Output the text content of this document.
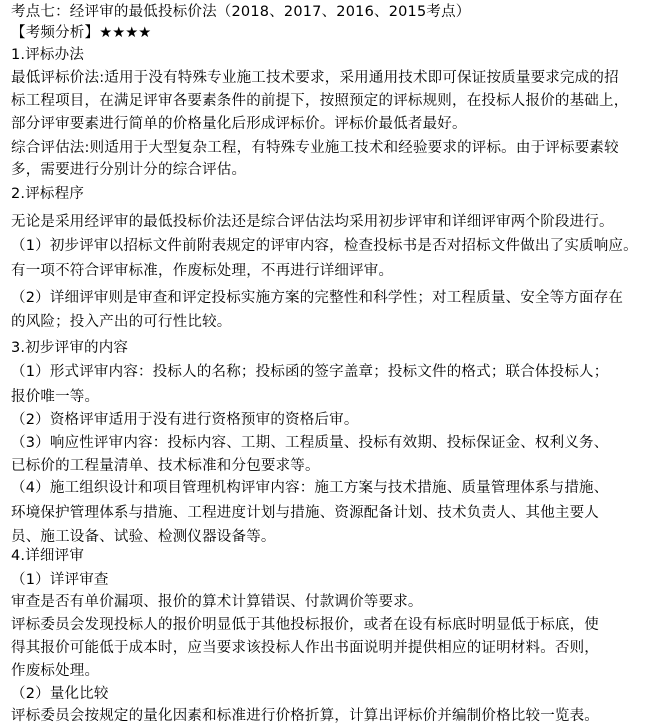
考点七：经评审的最低投标价法（2018、2017、2016、2015考点）
【考频分析】★★★★
1.评标办法
最低评标价法:适用于没有特殊专业施工技术要求，采用通用技术即可保证按质量要求完成的招
标工程项目，在满足评审各要素条件的前提下，按照预定的评标规则，在投标人报价的基础上，
部分评审要素进行简单的价格量化后形成评标价。评标价最低者最好。
综合评估法:则适用于大型复杂工程，有特殊专业施工技术和经验要求的评标。由于评标要素较
多，需要进行分别计分的综合评估。
2.评标程序
无论是采用经评审的最低投标价法还是综合评估法均采用初步评审和详细评审两个阶段进行。
（1）初步评审以招标文件前附表规定的评审内容，检查投标书是否对招标文件做出了实质响应。
有一项不符合评审标准，作废标处理，不再进行详细评审。
（2）详细评审则是审查和评定投标实施方案的完整性和科学性；对工程质量、安全等方面存在
的风险；投入产出的可行性比较。
3.初步评审的内容
（1）形式评审内容：投标人的名称；投标函的签字盖章；投标文件的格式；联合体投标人；
报价唯一等。
（2）资格评审适用于没有进行资格预审的资格后审。
（3）响应性评审内容：投标内容、工期、工程质量、投标有效期、投标保证金、权利义务、
已标价的工程量清单、技术标准和分包要求等。
（4）施工组织设计和项目管理机构评审内容：施工方案与技术措施、质量管理体系与措施、
环境保护管理体系与措施、工程进度计划与措施、资源配备计划、技术负责人、其他主要人
员、施工设备、试验、检测仪器设备等。
4.详细评审
（1）详评审查
审查是否有单价漏项、报价的算术计算错误、付款调价等要求。
评标委员会发现投标人的报价明显低于其他投标报价，或者在设有标底时明显低于标底，使
得其报价可能低于成本时，应当要求该投标人作出书面说明并提供相应的证明材料。否则，
作废标处理。
（2）量化比较
评标委员会按规定的量化因素和标准进行价格折算，计算出评标价并编制价格比较一览表。
